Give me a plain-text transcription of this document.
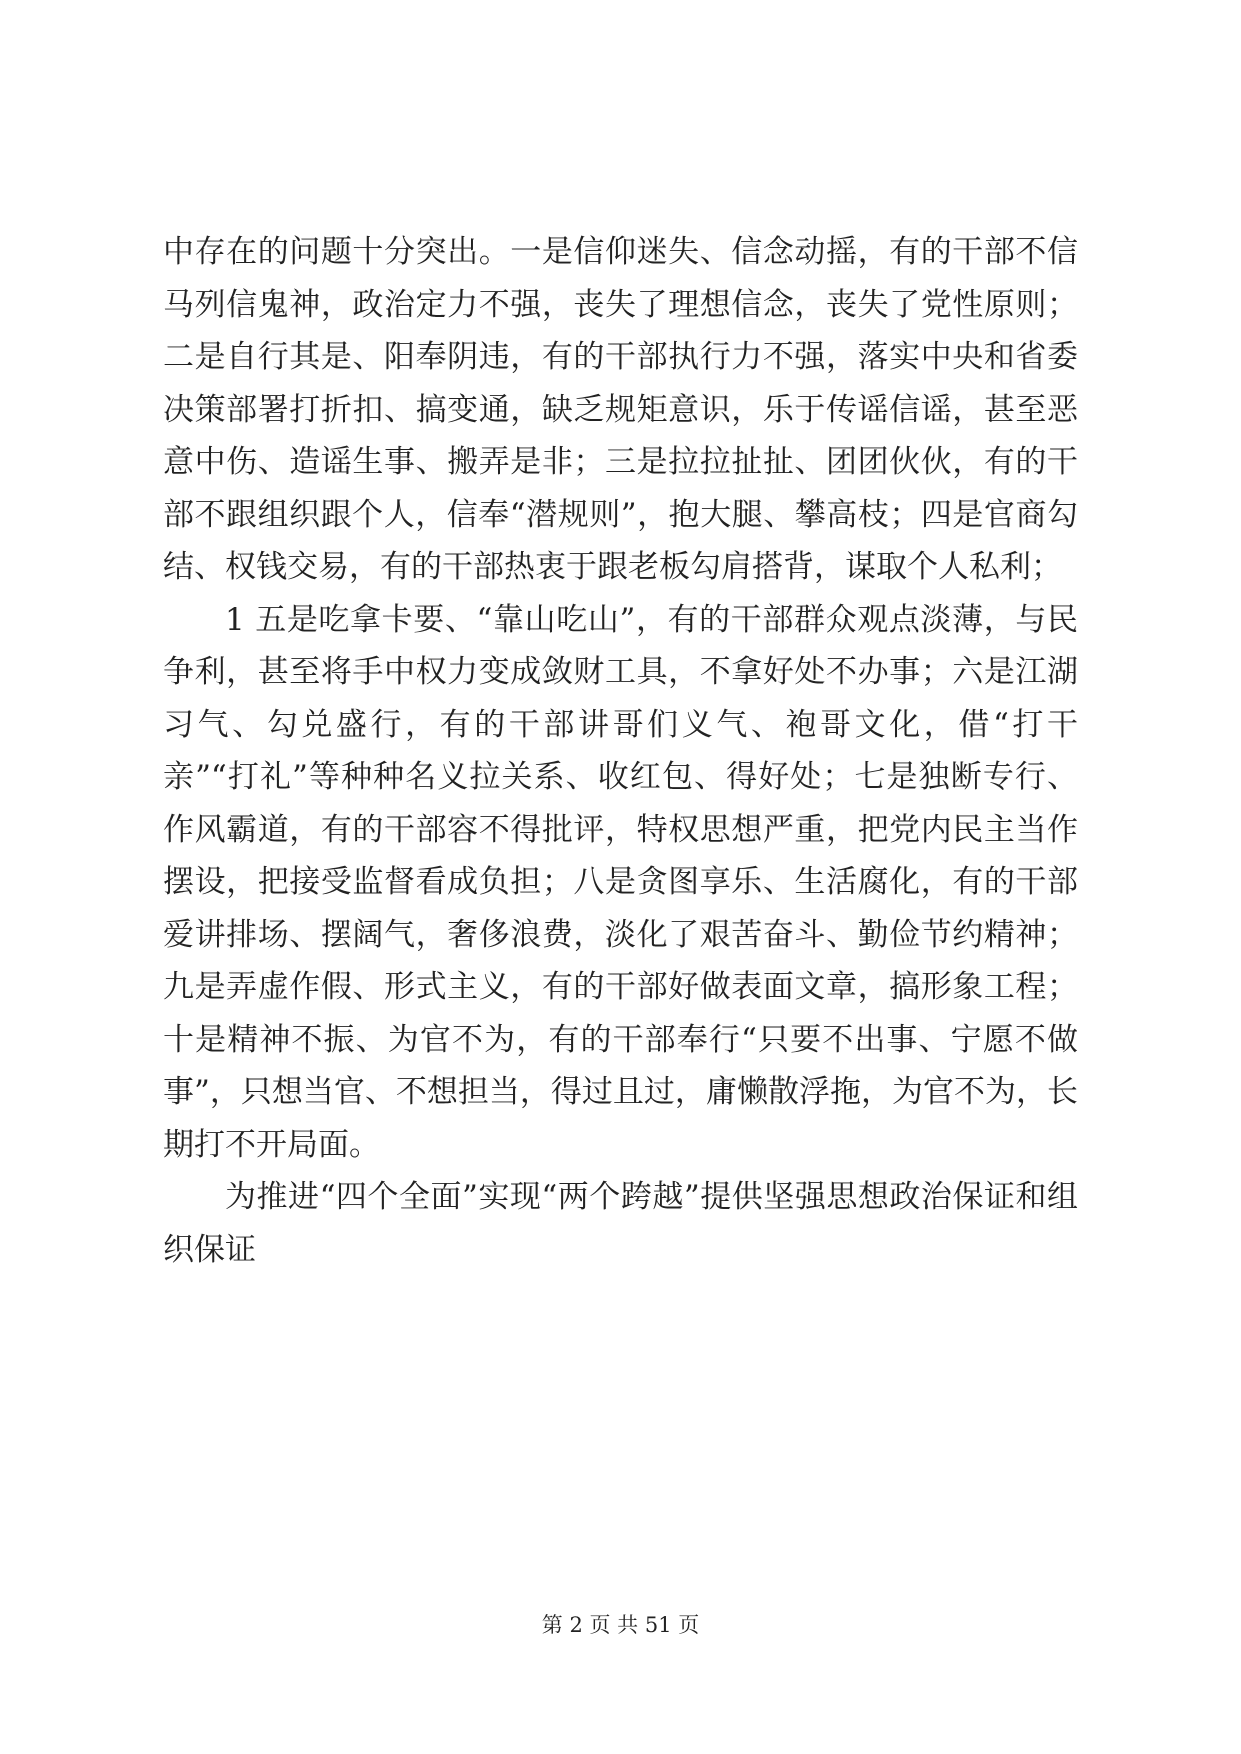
中存在的问题十分突出。一是信仰迷失、信念动摇，有的干部不信马列信鬼神，政治定力不强，丧失了理想信念，丧失了党性原则；二是自行其是、阳奉阴违，有的干部执行力不强，落实中央和省委决策部署打折扣、搞变通，缺乏规矩意识，乐于传谣信谣，甚至恶意中伤、造谣生事、搬弄是非；三是拉拉扯扯、团团伙伙，有的干部不跟组织跟个人，信奉“潜规则”，抱大腿、攀高枝；四是官商勾结、权钱交易，有的干部热衷于跟老板勾肩搭背，谋取个人私利；

1 五是吃拿卡要、“靠山吃山”，有的干部群众观点淡薄，与民争利，甚至将手中权力变成敛财工具，不拿好处不办事；六是江湖习气、勾兑盛行，有的干部讲哥们义气、袍哥文化，借“打干亲”“打礼”等种种名义拉关系、收红包、得好处；七是独断专行、作风霸道，有的干部容不得批评，特权思想严重，把党内民主当作摆设，把接受监督看成负担；八是贪图享乐、生活腐化，有的干部爱讲排场、摆阔气，奢侈浪费，淡化了艰苦奋斗、勤俭节约精神；九是弄虚作假、形式主义，有的干部好做表面文章，搞形象工程；十是精神不振、为官不为，有的干部奉行“只要不出事、宁愿不做事”，只想当官、不想担当，得过且过，庸懒散浮拖，为官不为，长期打不开局面。

为推进“四个全面”实现“两个跨越”提供坚强思想政治保证和组织保证

第 2 页 共 51 页
